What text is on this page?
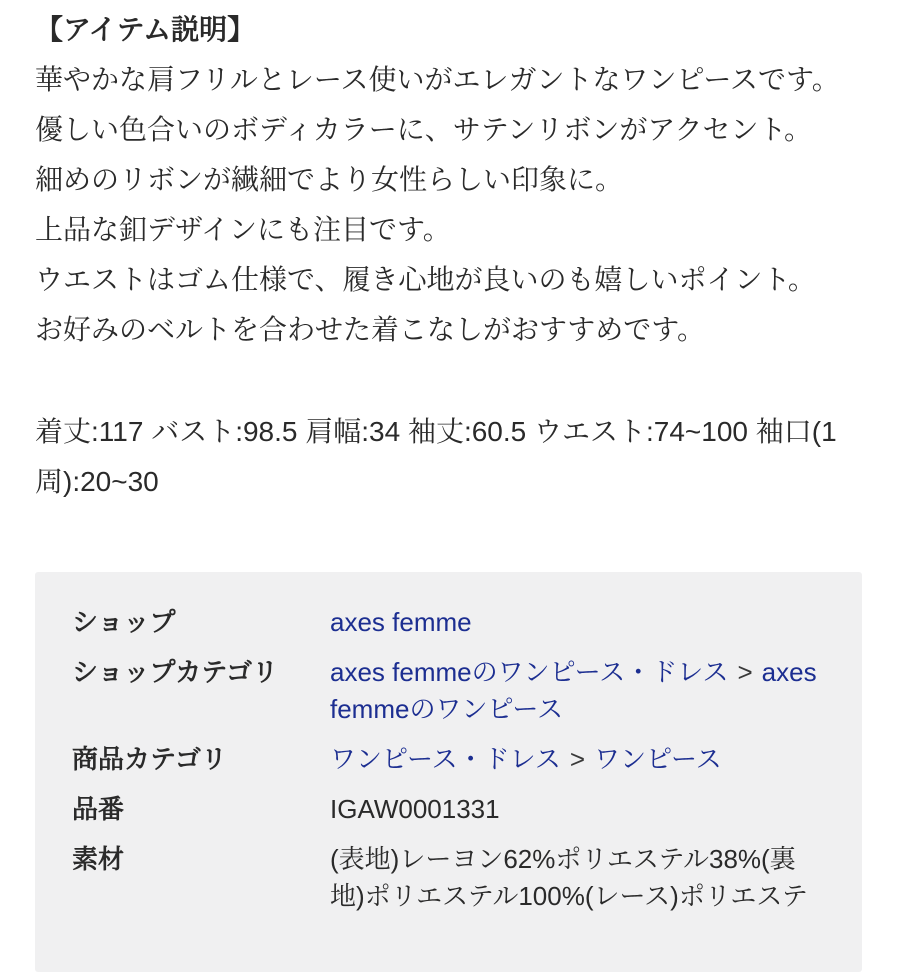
【アイテム説明】
華やかな肩フリルとレース使いがエレガントなワンピースです。
優しい色合いのボディカラーに、サテンリボンがアクセント。
細めのリボンが繊細でより女性らしい印象に。
上品な釦デザインにも注目です。
ウエストはゴム仕様で、履き心地が良いのも嬉しいポイント。
お好みのベルトを合わせた着こなしがおすすめです。
着丈:117 バスト:98.5 肩幅:34 袖丈:60.5 ウエスト:74~100 袖口(1周):20~30
ショップ	axes femme
ショップカテゴリ	axes femmeのワンピース・ドレス > axes femmeのワンピース
商品カテゴリ	ワンピース・ドレス > ワンピース
品番	IGAW0001331
素材	(表地)レーヨン62%ポリエステル38%(裏地)ポリエステル100%(レース)ポリエステ
